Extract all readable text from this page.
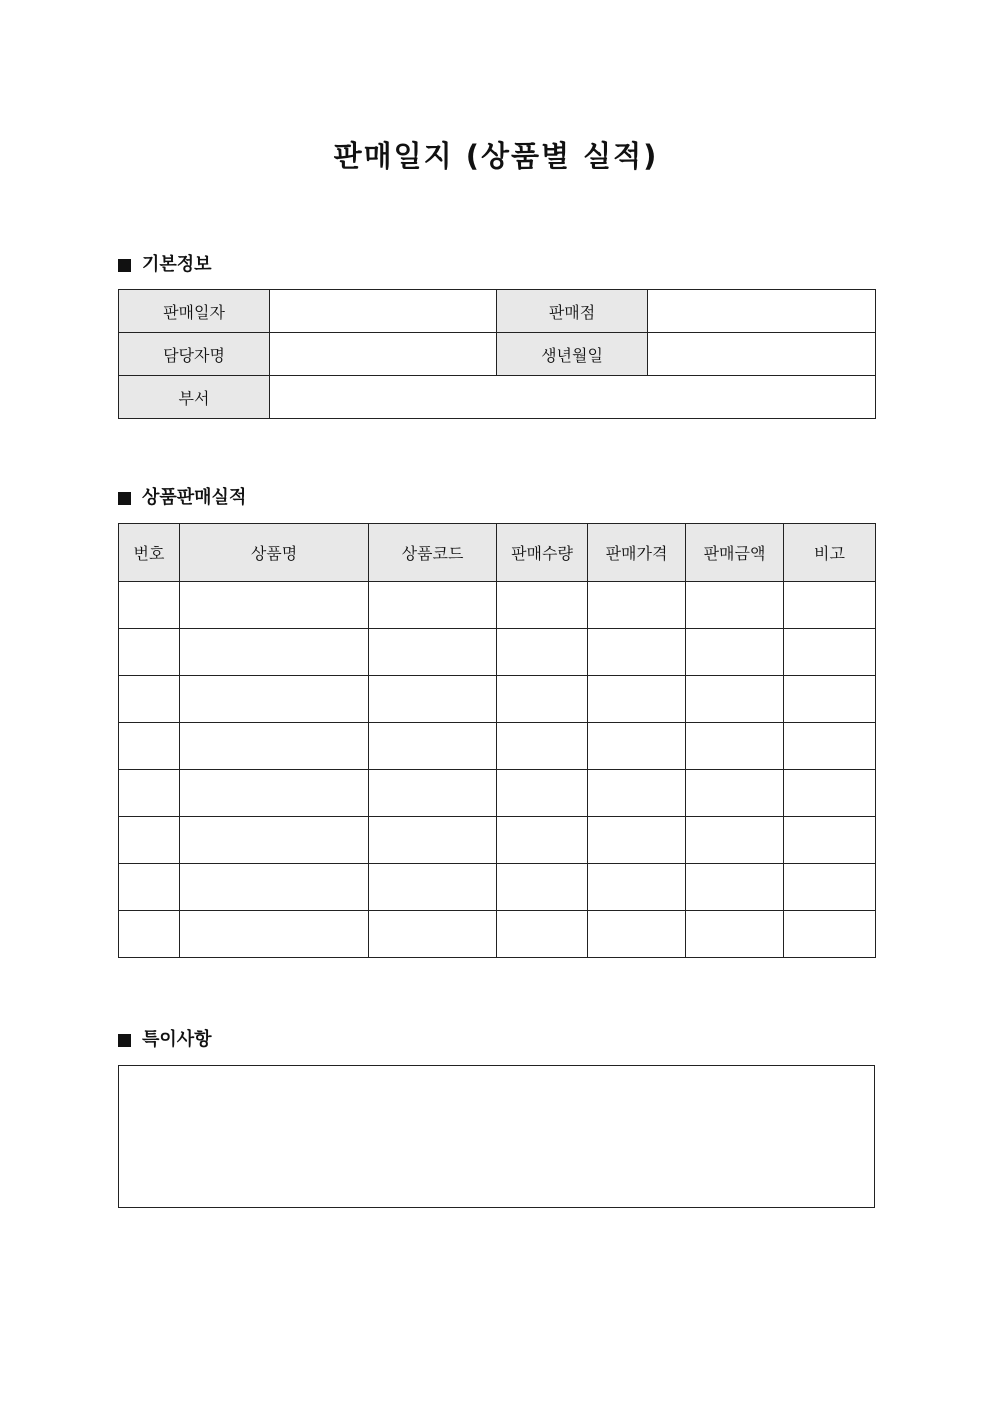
판매일지 (상품별 실적)
기본정보
판매일자		판매점	
담당자명		생년월일	
부서			
상품판매실적
번호	상품명	상품코드	판매수량	판매가격	판매금액	비고

특이사항
